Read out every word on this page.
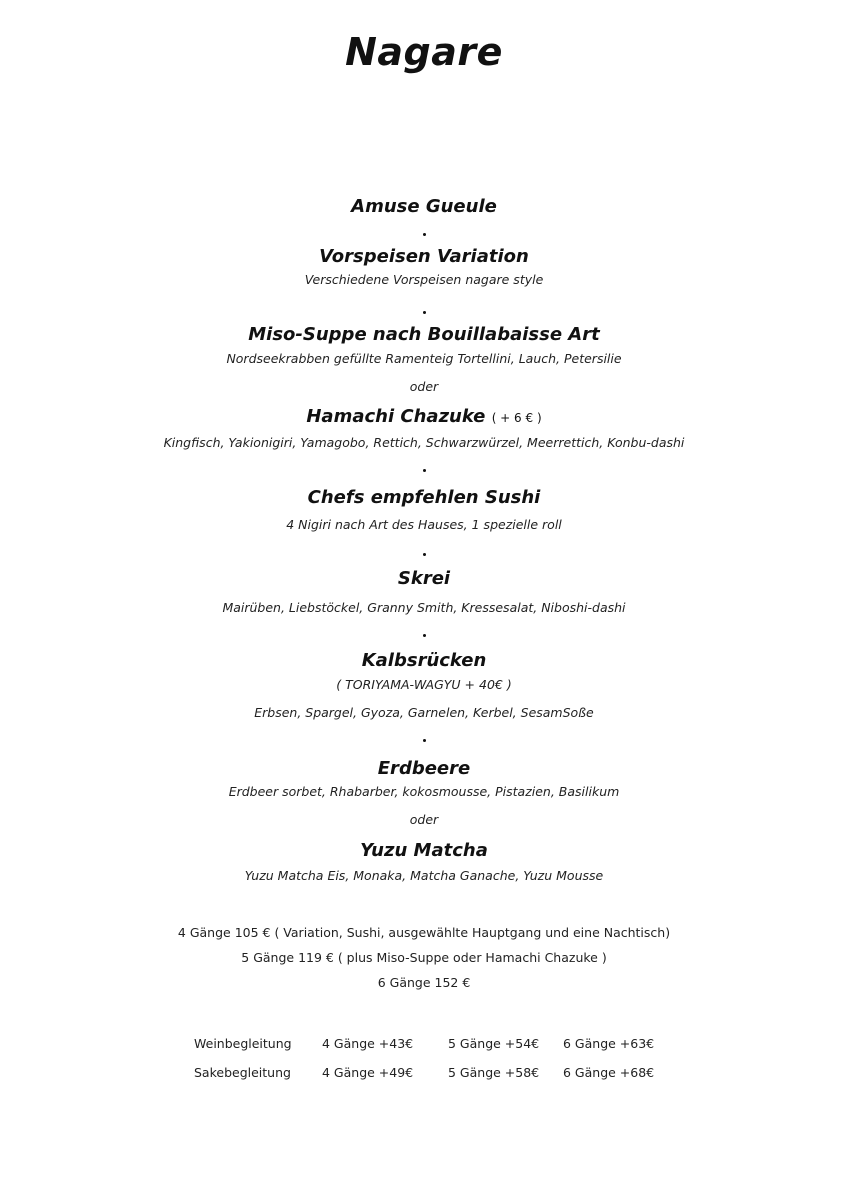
Nagare
Amuse Gueule
Vorspeisen Variation
Verschiedene Vorspeisen nagare style
Miso-Suppe nach Bouillabaisse Art
Nordseekrabben gefüllte Ramenteig Tortellini, Lauch, Petersilie
oder
Hamachi Chazuke ( + 6 € )
Kingfisch, Yakionigiri, Yamagobo, Rettich, Schwarzwürzel, Meerrettich, Konbu-dashi
Chefs empfehlen Sushi
4 Nigiri nach Art des Hauses, 1 spezielle roll
Skrei
Mairüben, Liebstöckel, Granny Smith, Kressesalat, Niboshi-dashi
Kalbsrücken
( TORIYAMA-WAGYU + 40€ )
Erbsen, Spargel, Gyoza, Garnelen, Kerbel, SesamSoße
Erdbeere
Erdbeer sorbet, Rhabarber, kokosmousse, Pistazien, Basilikum
oder
Yuzu Matcha
Yuzu Matcha Eis, Monaka, Matcha Ganache, Yuzu Mousse
4 Gänge 105 € ( Variation, Sushi, ausgewählte Hauptgang und eine Nachtisch)
5 Gänge 119 € ( plus Miso-Suppe oder Hamachi Chazuke )
6 Gänge 152 €
Weinbegleitung 4 Gänge +43€	5 Gänge +54€ 6 Gänge +63€
Sakebegleitung 4 Gänge +49€	5 Gänge +58€ 6 Gänge +68€
